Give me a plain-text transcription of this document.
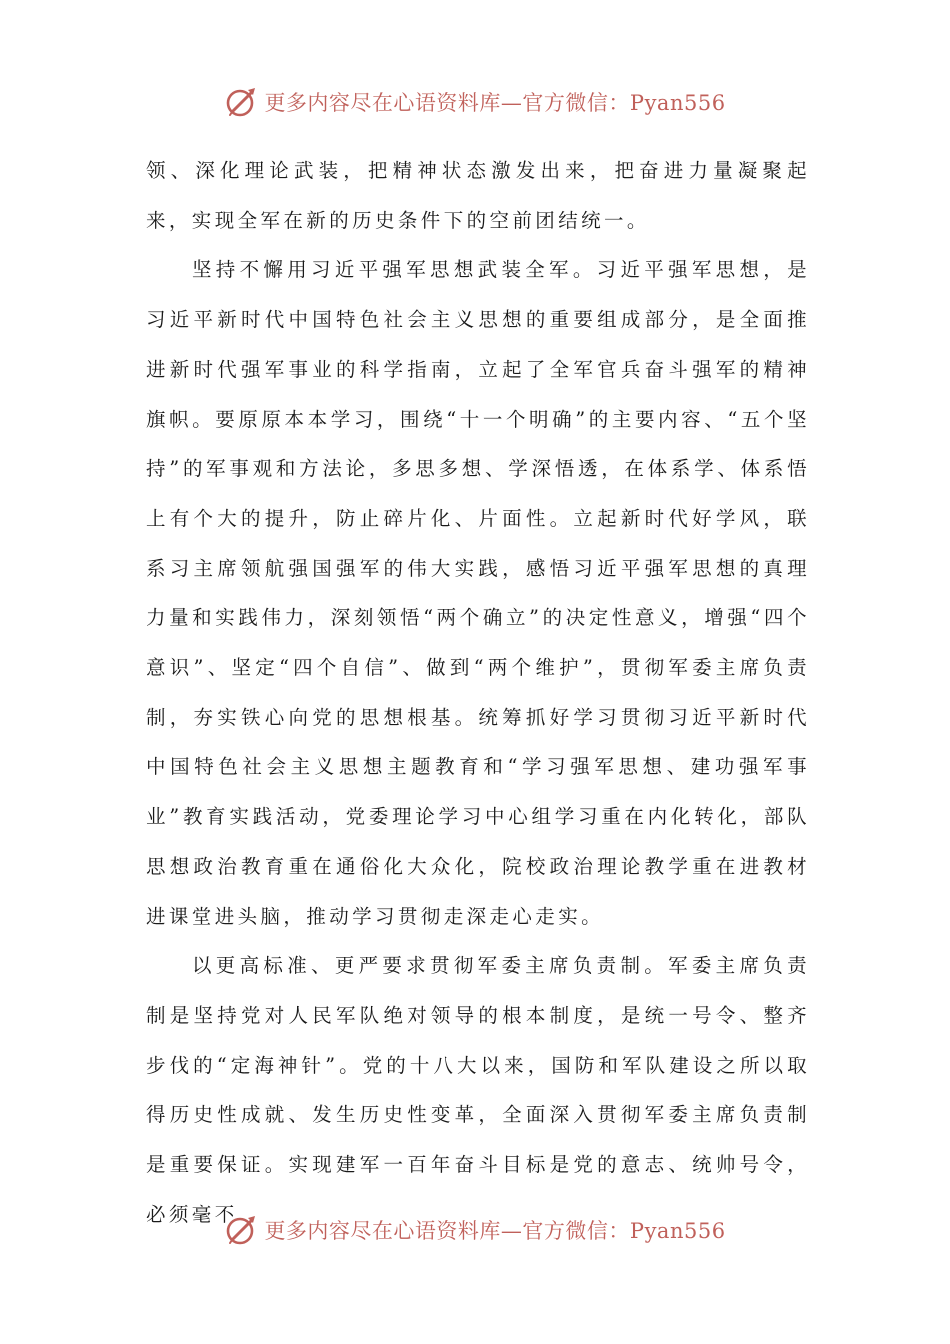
更多内容尽在心语资料库—官方微信：Pyan556

领、深化理论武装，把精神状态激发出来，把奋进力量凝聚起来，实现全军在新的历史条件下的空前团结统一。

坚持不懈用习近平强军思想武装全军。习近平强军思想，是习近平新时代中国特色社会主义思想的重要组成部分，是全面推进新时代强军事业的科学指南，立起了全军官兵奋斗强军的精神旗帜。要原原本本学习，围绕“十一个明确”的主要内容、“五个坚持”的军事观和方法论，多思多想、学深悟透，在体系学、体系悟上有个大的提升，防止碎片化、片面性。立起新时代好学风，联系习主席领航强国强军的伟大实践，感悟习近平强军思想的真理力量和实践伟力，深刻领悟“两个确立”的决定性意义，增强“四个意识”、坚定“四个自信”、做到“两个维护”，贯彻军委主席负责制，夯实铁心向党的思想根基。统筹抓好学习贯彻习近平新时代中国特色社会主义思想主题教育和“学习强军思想、建功强军事业”教育实践活动，党委理论学习中心组学习重在内化转化，部队思想政治教育重在通俗化大众化，院校政治理论教学重在进教材进课堂进头脑，推动学习贯彻走深走心走实。

以更高标准、更严要求贯彻军委主席负责制。军委主席负责制是坚持党对人民军队绝对领导的根本制度，是统一号令、整齐步伐的“定海神针”。党的十八大以来，国防和军队建设之所以取得历史性成就、发生历史性变革，全面深入贯彻军委主席负责制是重要保证。实现建军一百年奋斗目标是党的意志、统帅号令，必须毫不

更多内容尽在心语资料库—官方微信：Pyan556
